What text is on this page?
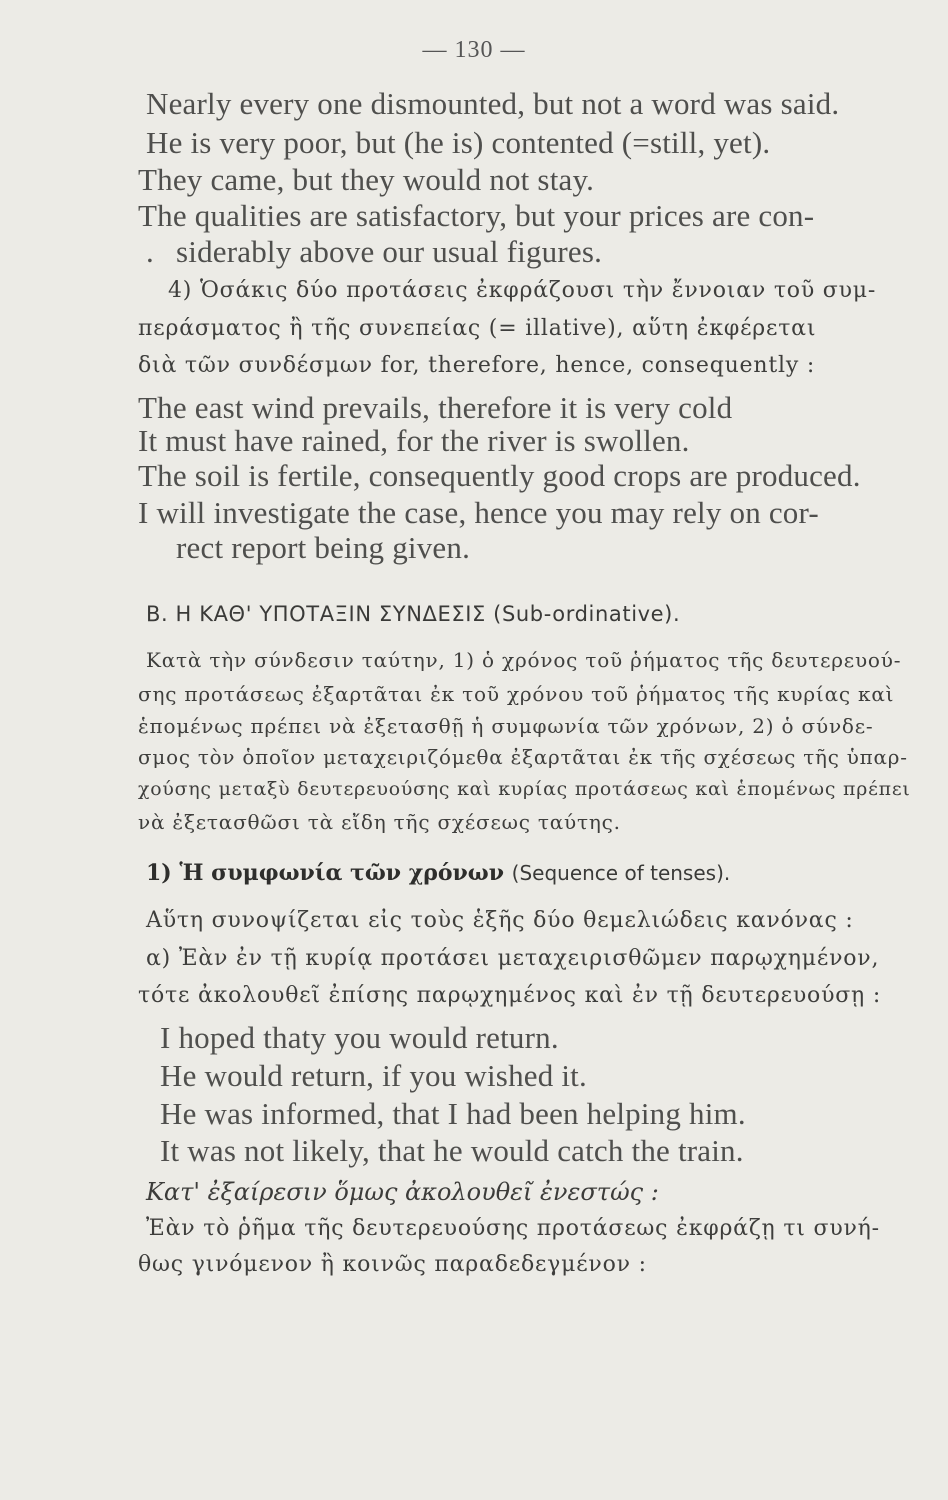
— 130 —
Nearly every one dismounted, but not a word was said.
He is very poor, but (he is) contented (=still, yet).
They came, but they would not stay.
The qualities are satisfactory, but your prices are con-
. siderably above our usual figures.
4) Ὁσάκις δύο προτάσεις ἐκφράζουσι τὴν ἔννοιαν τοῦ συμ-
περάσματος ἢ τῆς συνεπείας (= illative), αὕτη ἐκφέρεται
διὰ τῶν συνδέσμων for, therefore, hence, consequently :
The east wind prevails, therefore it is very cold
It must have rained, for the river is swollen.
The soil is fertile, consequently good crops are produced.
I will investigate the case, hence you may rely on cor-
rect report being given.
Β. Η ΚΑΘ' ΥΠΟΤΑΞΙΝ ΣΥΝΔΕΣΙΣ (Sub-ordinative).
Κατὰ τὴν σύνδεσιν ταύτην, 1) ὁ χρόνος τοῦ ῥήματος τῆς δευτερευού-
σης προτάσεως ἐξαρτᾶται ἐκ τοῦ χρόνου τοῦ ῥήματος τῆς κυρίας καὶ
ἑπομένως πρέπει νὰ ἐξετασθῇ ἡ συμφωνία τῶν χρόνων, 2) ὁ σύνδε-
σμος τὸν ὁποῖον μεταχειριζόμεθα ἐξαρτᾶται ἐκ τῆς σχέσεως τῆς ὑπαρ-
χούσης μεταξὺ δευτερευούσης καὶ κυρίας προτάσεως καὶ ἑπομένως πρέπει
νὰ ἐξετασθῶσι τὰ εἴδη τῆς σχέσεως ταύτης.
1) Ἡ συμφωνία τῶν χρόνων (Sequence of tenses).
Αὕτη συνοψίζεται εἰς τοὺς ἑξῆς δύο θεμελιώδεις κανόνας :
α) Ἐὰν ἐν τῇ κυρίᾳ προτάσει μεταχειρισθῶμεν παρῳχημένον,
τότε ἀκολουθεῖ ἐπίσης παρῳχημένος καὶ ἐν τῇ δευτερευούσῃ :
I hoped thaty you would return.
He would return, if you wished it.
He was informed, that I had been helping him.
It was not likely, that he would catch the train.
Κατ' ἐξαίρεσιν ὅμως ἀκολουθεῖ ἐνεστώς :
Ἐὰν τὸ ῥῆμα τῆς δευτερευούσης προτάσεως ἐκφράζῃ τι συνή-
θως γινόμενον ἢ κοινῶς παραδεδεγμένον :
